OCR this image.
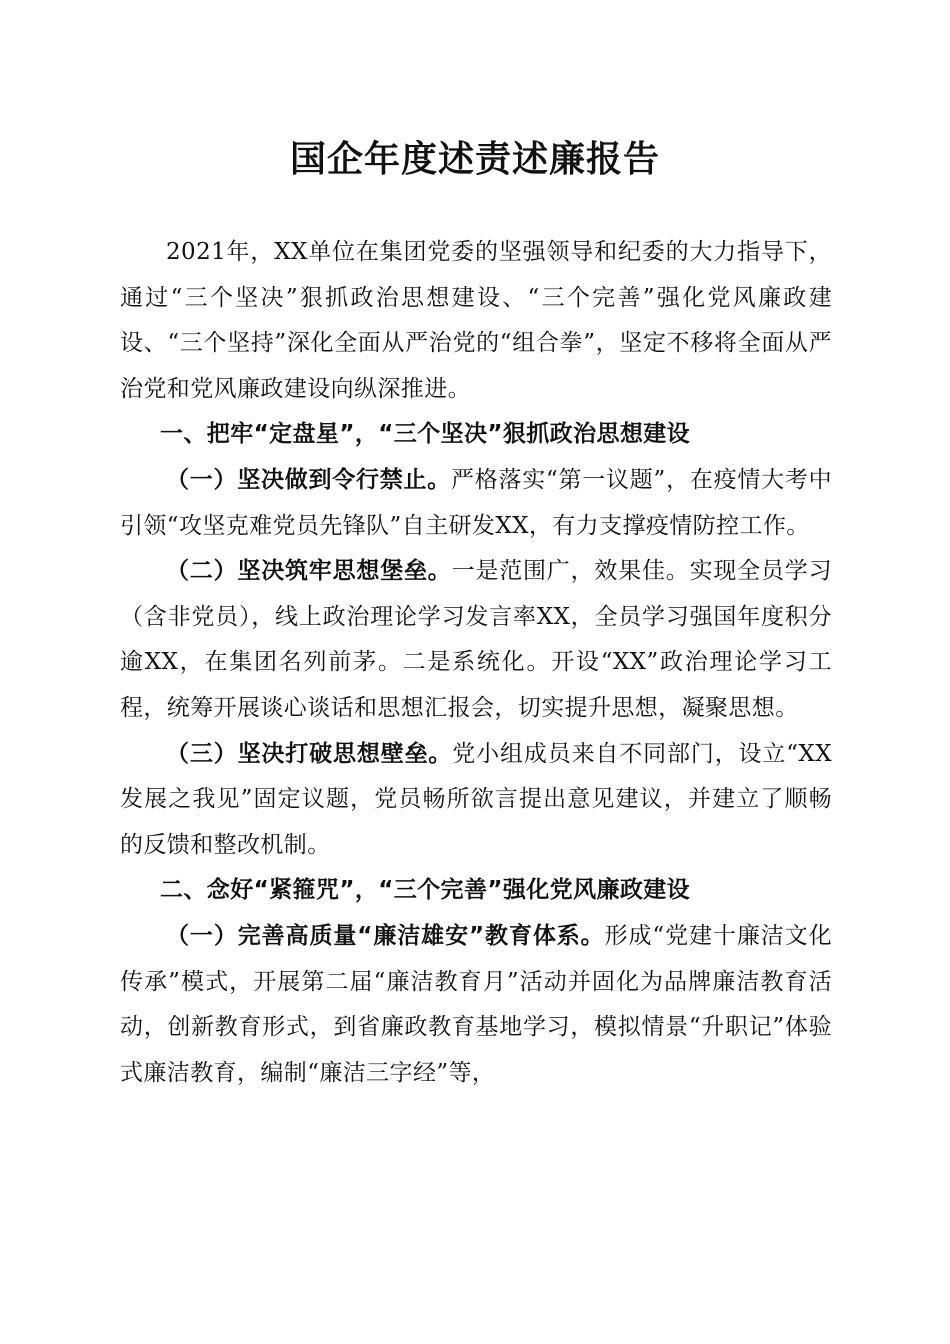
国企年度述责述廉报告

2021年，XX单位在集团党委的坚强领导和纪委的大力指导下，通过“三个坚决”狠抓政治思想建设、“三个完善”强化党风廉政建设、“三个坚持”深化全面从严治党的“组合拳”，坚定不移将全面从严治党和党风廉政建设向纵深推进。

一、把牢“定盘星”，“三个坚决”狠抓政治思想建设

（一）坚决做到令行禁止。严格落实“第一议题”，在疫情大考中引领“攻坚克难党员先锋队”自主研发XX，有力支撑疫情防控工作。

（二）坚决筑牢思想堡垒。一是范围广，效果佳。实现全员学习（含非党员），线上政治理论学习发言率XX，全员学习强国年度积分逾XX，在集团名列前茅。二是系统化。开设“XX”政治理论学习工程，统筹开展谈心谈话和思想汇报会，切实提升思想，凝聚思想。

（三）坚决打破思想壁垒。党小组成员来自不同部门，设立“XX发展之我见”固定议题，党员畅所欲言提出意见建议，并建立了顺畅的反馈和整改机制。

二、念好“紧箍咒”，“三个完善”强化党风廉政建设

（一）完善高质量“廉洁雄安”教育体系。形成“党建十廉洁文化传承”模式，开展第二届“廉洁教育月”活动并固化为品牌廉洁教育活动，创新教育形式，到省廉政教育基地学习，模拟情景“升职记”体验式廉洁教育，编制“廉洁三字经”等，
